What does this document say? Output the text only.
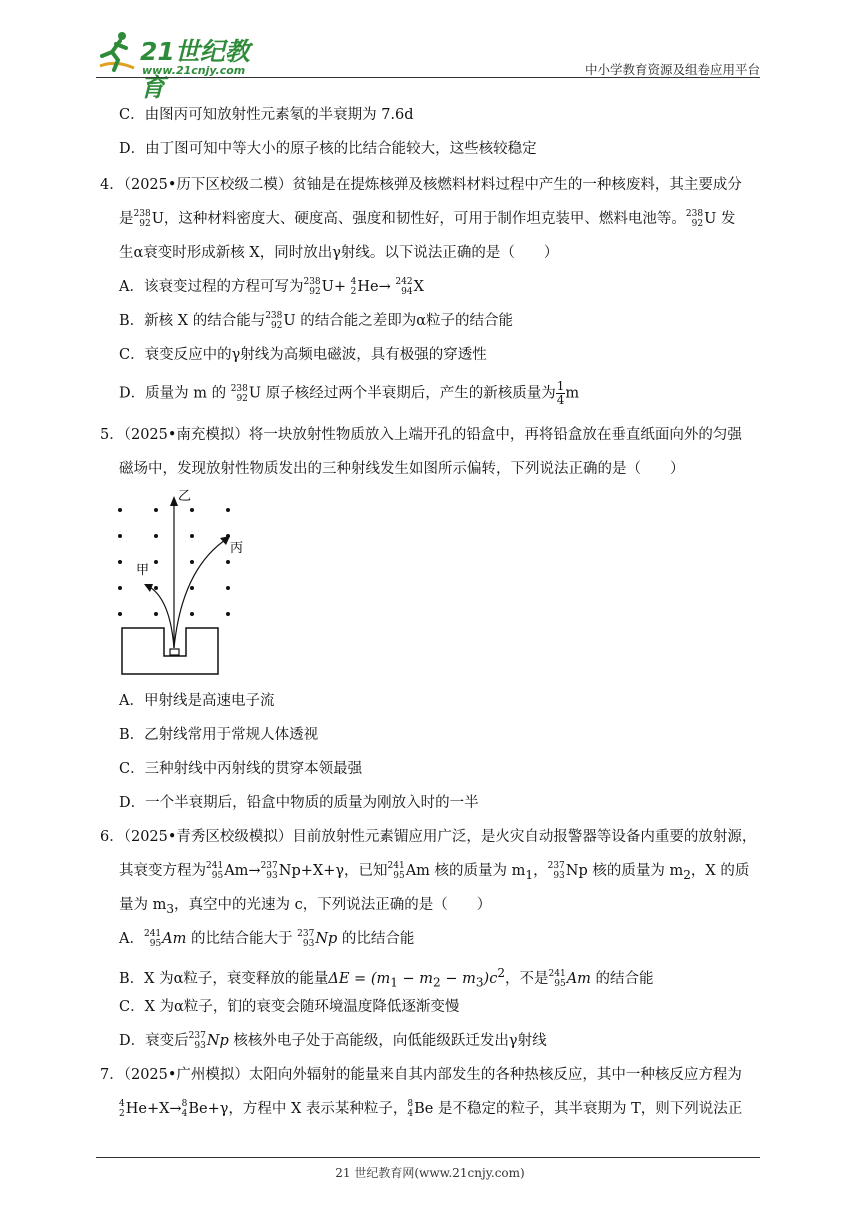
21世纪教育
www.21cnjy.com	中小学教育资源及组卷应用平台
C．由图丙可知放射性元素氡的半衰期为 7.6d
D．由丁图可知中等大小的原子核的比结合能较大，这些核较稳定
4．（2025•历下区校级二模）贫铀是在提炼核弹及核燃料材料过程中产生的一种核废料，其主要成分
是 238
92 U，这种材料密度大、硬度高、强度和韧性好，可用于制作坦克装甲、燃料电池等。 238
92 U 发
生α衰变时形成新核 X，同时放出γ射线。以下说法正确的是（　　）
A．该衰变过程的方程可写为 238
92 U+ 4
2 He→ 242
94 X
B．新核 X 的结合能与 238
92 U 的结合能之差即为α粒子的结合能
C．衰变反应中的γ射线为高频电磁波，具有极强的穿透性
D．质量为 m 的 238
92 U 原子核经过两个半衰期后，产生的新核质量为 $\frac{1}{4}$ m
5．（2025•南充模拟）将一块放射性物质放入上端开孔的铅盒中，再将铅盒放在垂直纸面向外的匀强
磁场中，发现放射性物质发出的三种射线发生如图所示偏转，下列说法正确的是（　　）
乙
丙
甲
A．甲射线是高速电子流
B．乙射线常用于常规人体透视
C．三种射线中丙射线的贯穿本领最强
D．一个半衰期后，铅盒中物质的质量为刚放入时的一半
6．（2025•青秀区校级模拟）目前放射性元素镅应用广泛，是火灾自动报警器等设备内重要的放射源，
其衰变方程为 241
95 Am→ 237
93 Np+X+γ，已知 241
95 Am 核的质量为 $m_1$， 237
93 Np 核的质量为 $m_2$，X 的质
量为 $m_3$，真空中的光速为 c，下列说法正确的是（　　）
A． 241
95 Am 的比结合能大于 237
93 Np 的比结合能
B．X 为α粒子，衰变释放的能量$\Delta E = (m_1 - m_2 - m_3)c^2$，不是 241
95 Am 的结合能
C．X 为α粒子，钔的衰变会随环境温度降低逐渐变慢
D．衰变后 237
93 Np 核核外电子处于高能级，向低能级跃迁发出γ射线
7．（2025•广州模拟）太阳向外辐射的能量来自其内部发生的各种热核反应，其中一种核反应方程为
4
2 He+X→ 8
4 Be+γ，方程中 X 表示某种粒子， 8
4 Be 是不稳定的粒子，其半衰期为 T，则下列说法正
21 世纪教育网(www.21cnjy.com)
